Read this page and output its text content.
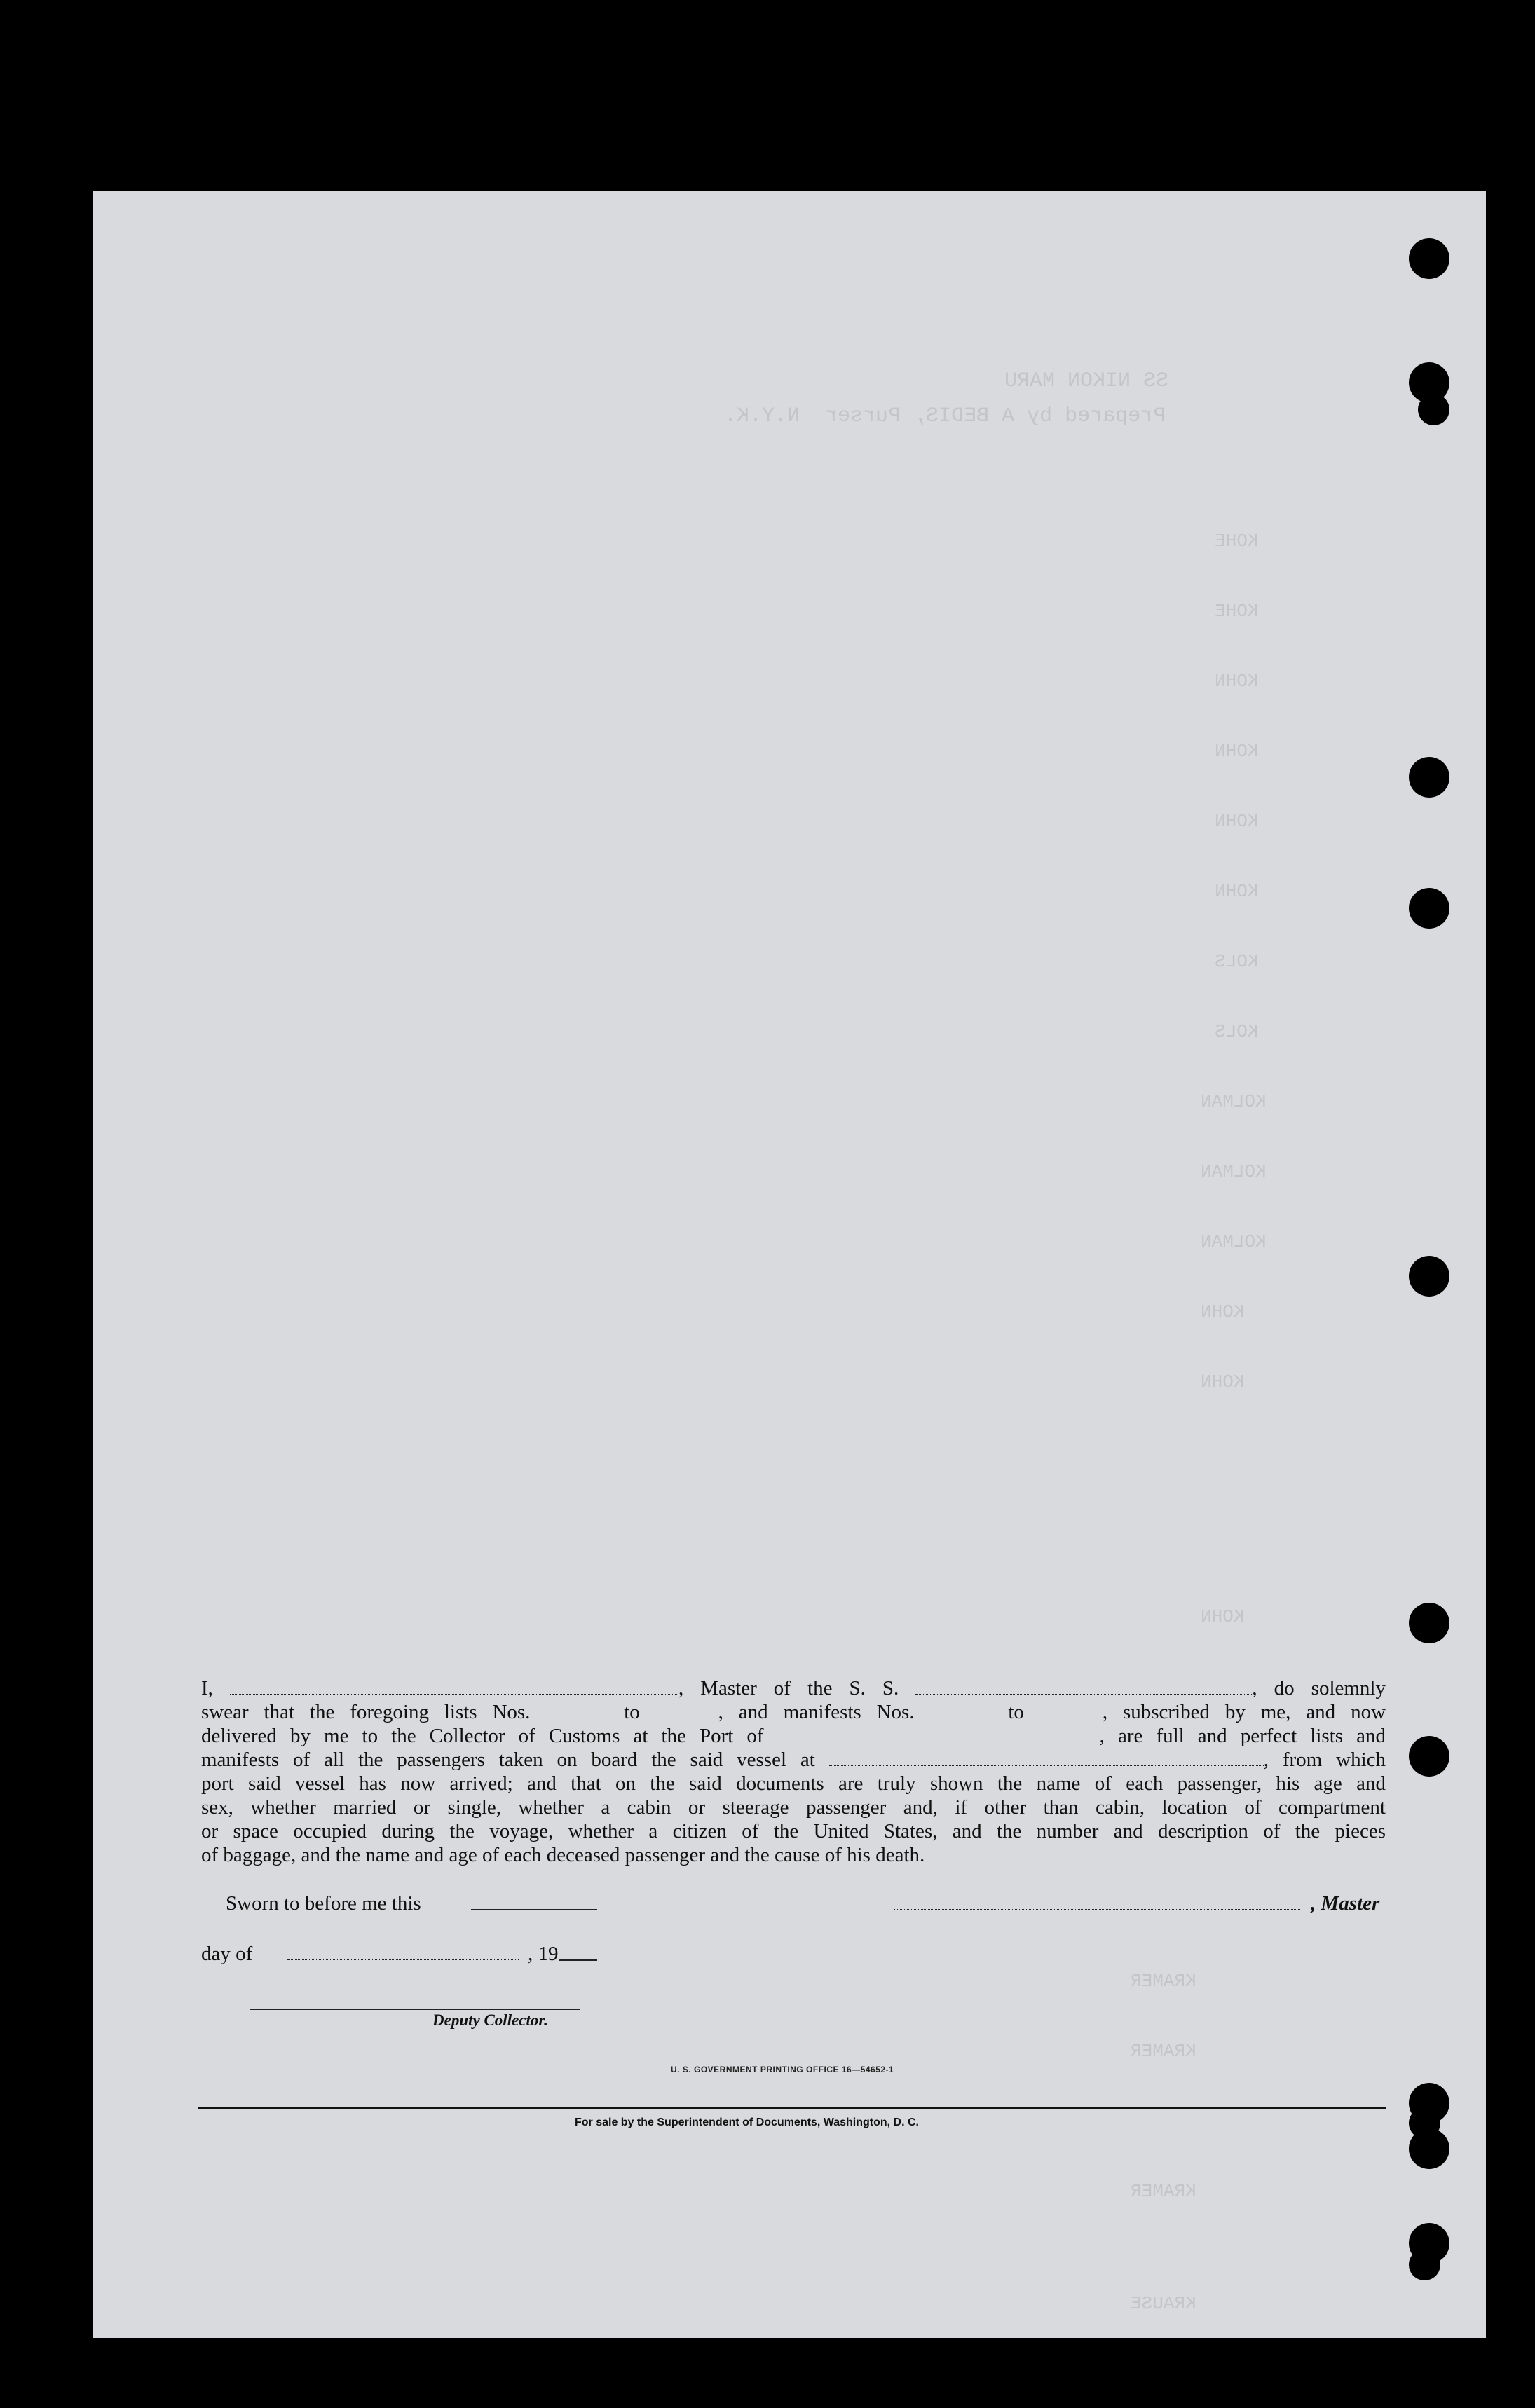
SS NIKON MARU
Prepared by A BEDIS, Purser  N.Y.K.
KOHE
KOHE
KOHN
KOHN
KOHN
KOHN
KOLS
KOLS
KOLMAN
KOLMAN
KOLMAN
KOHN
KOHN
KOHN
KRAMER
KRAMER
KRAMER
KRAUSE
I,	, Master of the S. S.	, do solemnly
swear that the foregoing lists Nos.	to	, and manifests Nos.	to	, subscribed by me, and now
delivered by me to the Collector of Customs at the Port of	, are full and perfect lists and
manifests of all the passengers taken on board the said vessel at	, from which
port said vessel has now arrived; and that on the said documents are truly shown the name of each passenger, his age and
sex, whether married or single, whether a cabin or steerage passenger and, if other than cabin, location of compartment
or space occupied during the voyage, whether a citizen of the United States, and the number and description of the pieces
of baggage, and the name and age of each deceased passenger and the cause of his death.
Sworn to before me this	, Master
day of	, 19
Deputy Collector.
U. S. GOVERNMENT PRINTING OFFICE 16—54652-1
For sale by the Superintendent of Documents, Washington, D. C.
